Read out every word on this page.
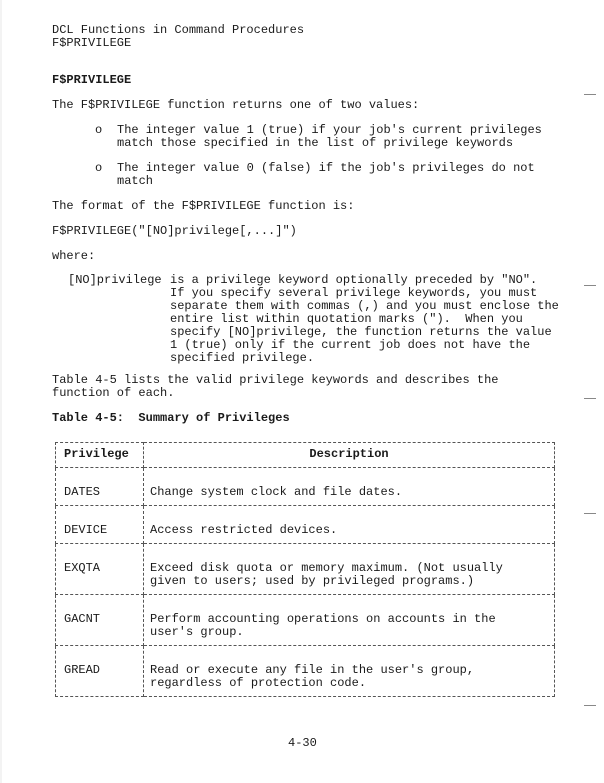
DCL Functions in Command Procedures
F$PRIVILEGE
F$PRIVILEGE
The F$PRIVILEGE function returns one of two values:
o The integer value 1 (true) if your job's current privileges
match those specified in the list of privilege keywords
o The integer value 0 (false) if the job's privileges do not
match
The format of the F$PRIVILEGE function is:
F$PRIVILEGE("[NO]privilege[,...]")
where:
[NO]privilege is a privilege keyword optionally preceded by "NO".
If you specify several privilege keywords, you must
separate them with commas (,) and you must enclose the
entire list within quotation marks (").  When you
specify [NO]privilege, the function returns the value
1 (true) only if the current job does not have the
specified privilege.
Table 4-5 lists the valid privilege keywords and describes the
function of each.
Table 4-5:  Summary of Privileges
Privilege	Description
DATES	Change system clock and file dates.

DEVICE	Access restricted devices.

EXQTA	Exceed disk quota or memory maximum. (Not usually
given to users; used by privileged programs.)

GACNT	Perform accounting operations on accounts in the
user's group.

GREAD	Read or execute any file in the user's group,
regardless of protection code.
4-30
